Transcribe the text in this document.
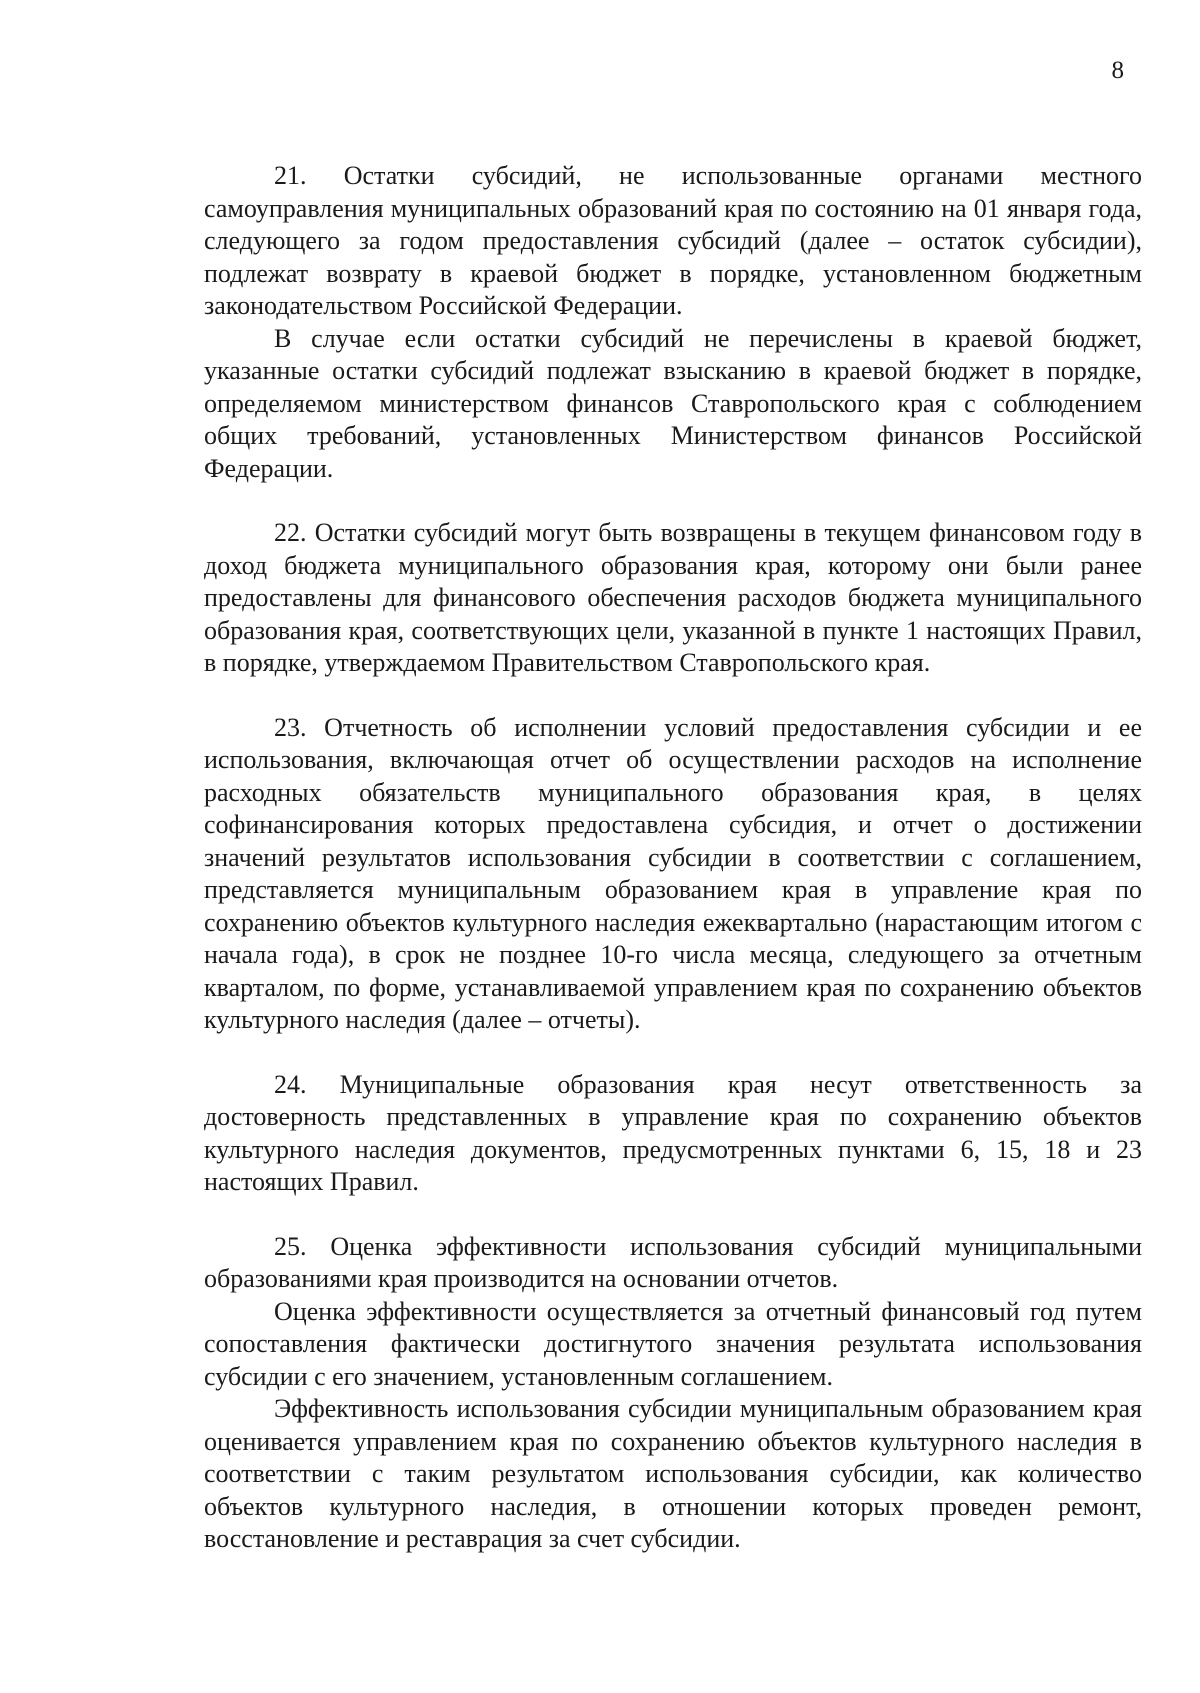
8

21. Остатки субсидий, не использованные органами местного самоуправления муниципальных образований края по состоянию на 01 января года, следующего за годом предоставления субсидий (далее – остаток субсидии), подлежат возврату в краевой бюджет в порядке, установленном бюджетным законодательством Российской Федерации.

В случае если остатки субсидий не перечислены в краевой бюджет, указанные остатки субсидий подлежат взысканию в краевой бюджет в порядке, определяемом министерством финансов Ставропольского края с соблюдением общих требований, установленных Министерством финансов Российской Федерации.

22. Остатки субсидий могут быть возвращены в текущем финансовом году в доход бюджета муниципального образования края, которому они были ранее предоставлены для финансового обеспечения расходов бюджета муниципального образования края, соответствующих цели, указанной в пункте 1 настоящих Правил, в порядке, утверждаемом Правительством Ставропольского края.

23. Отчетность об исполнении условий предоставления субсидии и ее использования, включающая отчет об осуществлении расходов на исполнение расходных обязательств муниципального образования края, в целях софинансирования которых предоставлена субсидия, и отчет о достижении значений результатов использования субсидии в соответствии с соглашением, представляется муниципальным образованием края в управление края по сохранению объектов культурного наследия ежеквартально (нарастающим итогом с начала года), в срок не позднее 10-го числа месяца, следующего за отчетным кварталом, по форме, устанавливаемой управлением края по сохранению объектов культурного наследия (далее – отчеты).

24. Муниципальные образования края несут ответственность за достоверность представленных в управление края по сохранению объектов культурного наследия документов, предусмотренных пунктами 6, 15, 18 и 23 настоящих Правил.

25. Оценка эффективности использования субсидий муниципальными образованиями края производится на основании отчетов.

Оценка эффективности осуществляется за отчетный финансовый год путем сопоставления фактически достигнутого значения результата использования субсидии с его значением, установленным соглашением.

Эффективность использования субсидии муниципальным образованием края оценивается управлением края по сохранению объектов культурного наследия в соответствии с таким результатом использования субсидии, как количество объектов культурного наследия, в отношении которых проведен ремонт, восстановление и реставрация за счет субсидии.
